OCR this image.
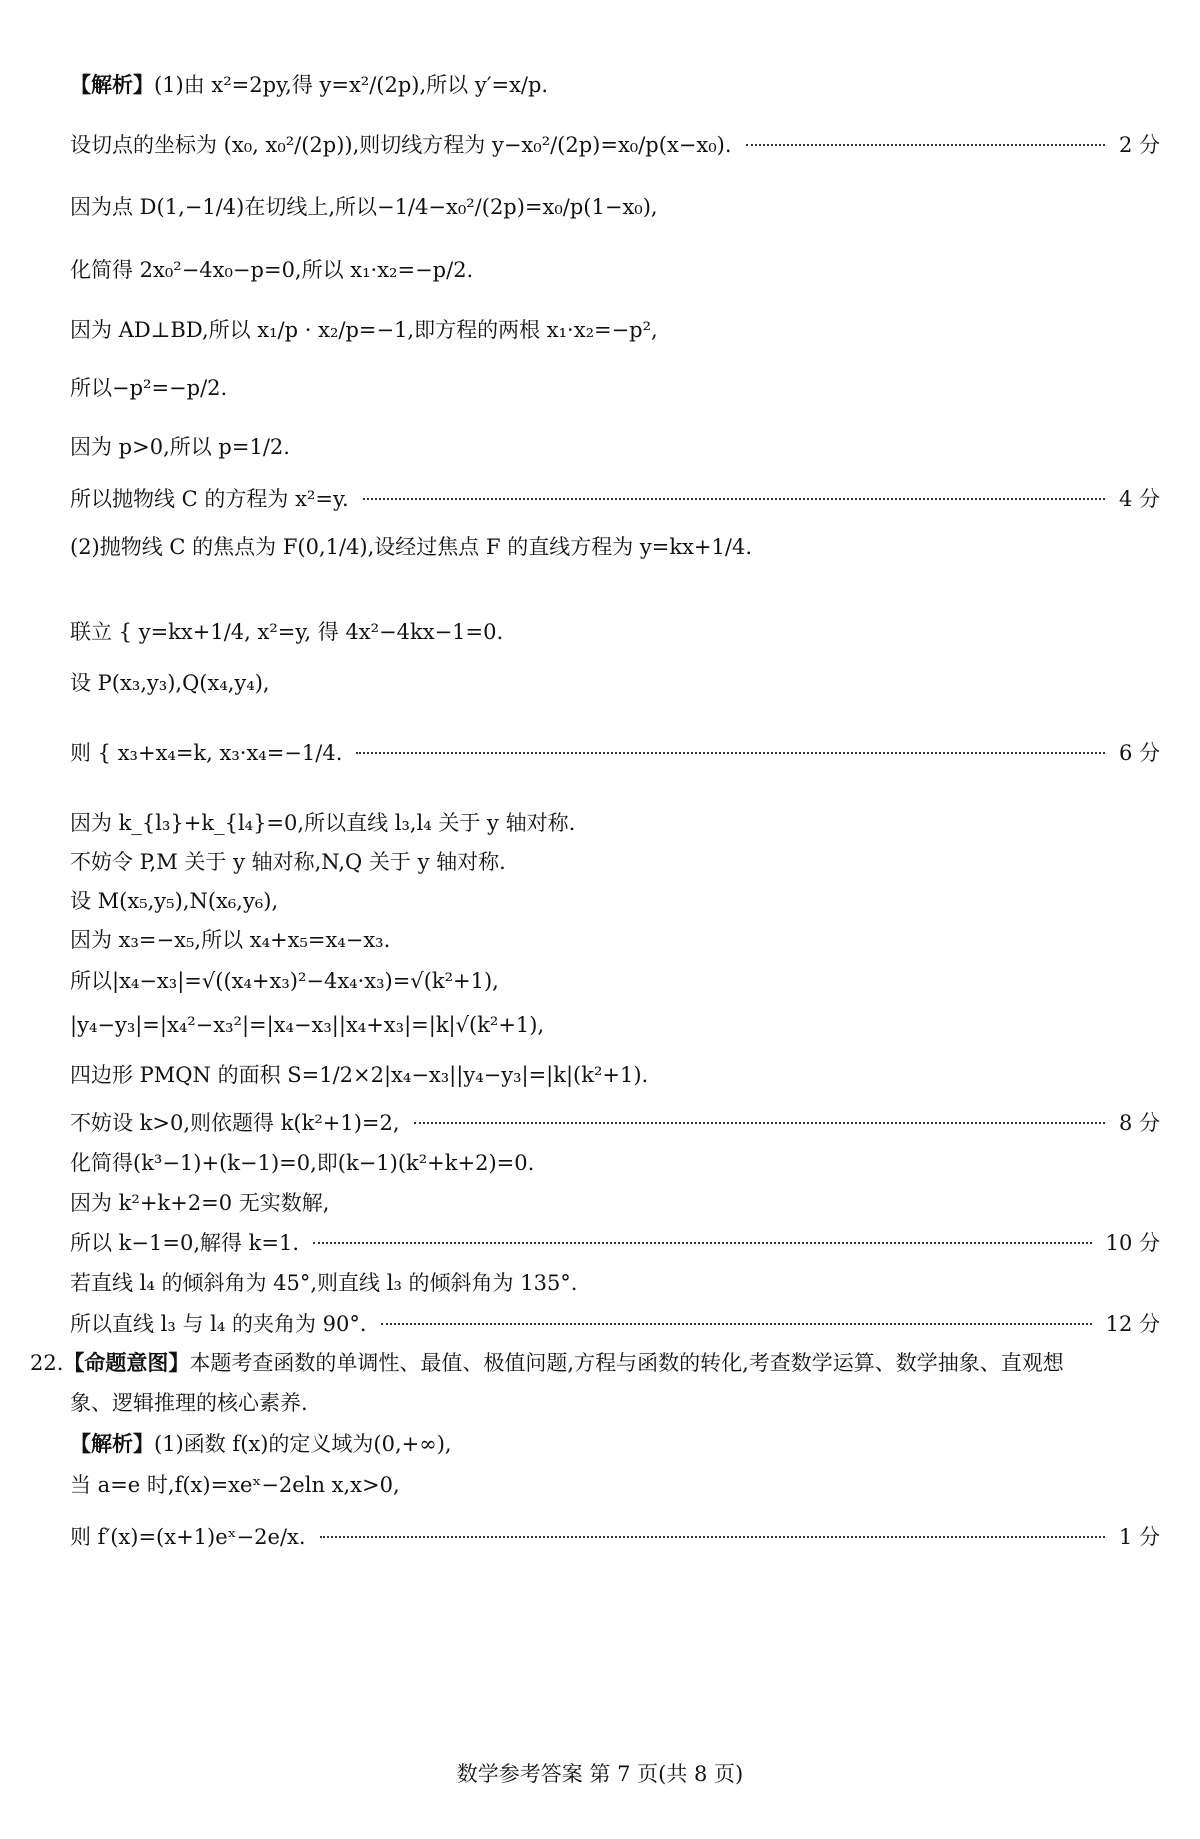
【解析】(1)由 x²=2py,得 y=x²/(2p),所以 y′=x/p.
设切点的坐标为 (x₀, x₀²/(2p)),则切线方程为 y−x₀²/(2p)=x₀/p(x−x₀).	2 分
因为点 D(1,−1/4)在切线上,所以−1/4−x₀²/(2p)=x₀/p(1−x₀),
化简得 2x₀²−4x₀−p=0,所以 x₁·x₂=−p/2.
因为 AD⊥BD,所以 x₁/p · x₂/p=−1,即方程的两根 x₁·x₂=−p²,
所以−p²=−p/2.
因为 p>0,所以 p=1/2.
所以抛物线 C 的方程为 x²=y.	4 分
(2)抛物线 C 的焦点为 F(0,1/4),设经过焦点 F 的直线方程为 y=kx+1/4.
联立 { y=kx+1/4, x²=y, 得 4x²−4kx−1=0.
设 P(x₃,y₃),Q(x₄,y₄),
则 { x₃+x₄=k, x₃·x₄=−1/4.	6 分
因为 k_{l₃}+k_{l₄}=0,所以直线 l₃,l₄ 关于 y 轴对称.
不妨令 P,M 关于 y 轴对称,N,Q 关于 y 轴对称.
设 M(x₅,y₅),N(x₆,y₆),
因为 x₃=−x₅,所以 x₄+x₅=x₄−x₃.
所以|x₄−x₃|=√((x₄+x₃)²−4x₄·x₃)=√(k²+1),
|y₄−y₃|=|x₄²−x₃²|=|x₄−x₃||x₄+x₃|=|k|√(k²+1),
四边形 PMQN 的面积 S=1/2×2|x₄−x₃||y₄−y₃|=|k|(k²+1).
不妨设 k>0,则依题得 k(k²+1)=2,	8 分
化简得(k³−1)+(k−1)=0,即(k−1)(k²+k+2)=0.
因为 k²+k+2=0 无实数解,
所以 k−1=0,解得 k=1.	10 分
若直线 l₄ 的倾斜角为 45°,则直线 l₃ 的倾斜角为 135°.
所以直线 l₃ 与 l₄ 的夹角为 90°.	12 分
22.【命题意图】本题考查函数的单调性、最值、极值问题,方程与函数的转化,考查数学运算、数学抽象、直观想
象、逻辑推理的核心素养.
【解析】(1)函数 f(x)的定义域为(0,+∞),
当 a=e 时,f(x)=xeˣ−2eln x,x>0,
则 f′(x)=(x+1)eˣ−2e/x.	1 分
数学参考答案 第 7 页(共 8 页)
